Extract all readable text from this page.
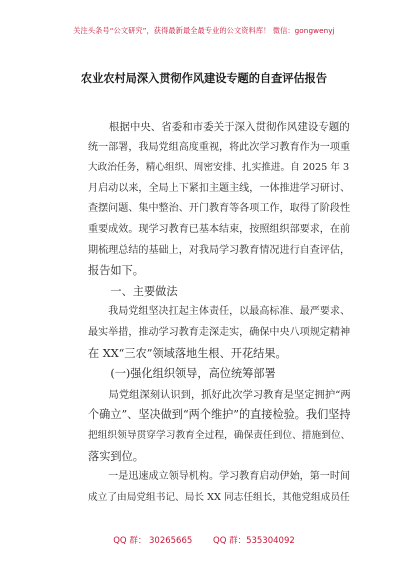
关注头条号“公文研究”，获得最新最全最专业的公文资料库！ 微信：gongwenyj
农业农村局深入贯彻作风建设专题的自查评估报告
　　根据中央、省委和市委关于深入贯彻作风建设专题的
统一部署，我局党组高度重视，将此次学习教育作为一项重
大政治任务，精心组织、周密安排、扎实推进。自 2025 年 3
月启动以来，全局上下紧扣主题主线，一体推进学习研讨、
查摆问题、集中整治、开门教育等各项工作，取得了阶段性
重要成效。现学习教育已基本结束，按照组织部要求，在前
期梳理总结的基础上，对我局学习教育情况进行自查评估，
报告如下。
　　一、主要做法
　　我局党组坚决扛起主体责任，以最高标准、最严要求、
最实举措，推动学习教育走深走实，确保中央八项规定精神
在 XX“三农”领域落地生根、开花结果。
　　(一)强化组织领导，高位统筹部署
　　局党组深刻认识到，抓好此次学习教育是坚定拥护“两
个确立”、坚决做到“两个维护”的直接检验。我们坚持
把组织领导贯穿学习教育全过程，确保责任到位、措施到位、
落实到位。
　　一是迅速成立领导机构。学习教育启动伊始，第一时间
成立了由局党组书记、局长 XX 同志任组长，其他党组成员任
QQ 群： 30265665 QQ 群：535304092
